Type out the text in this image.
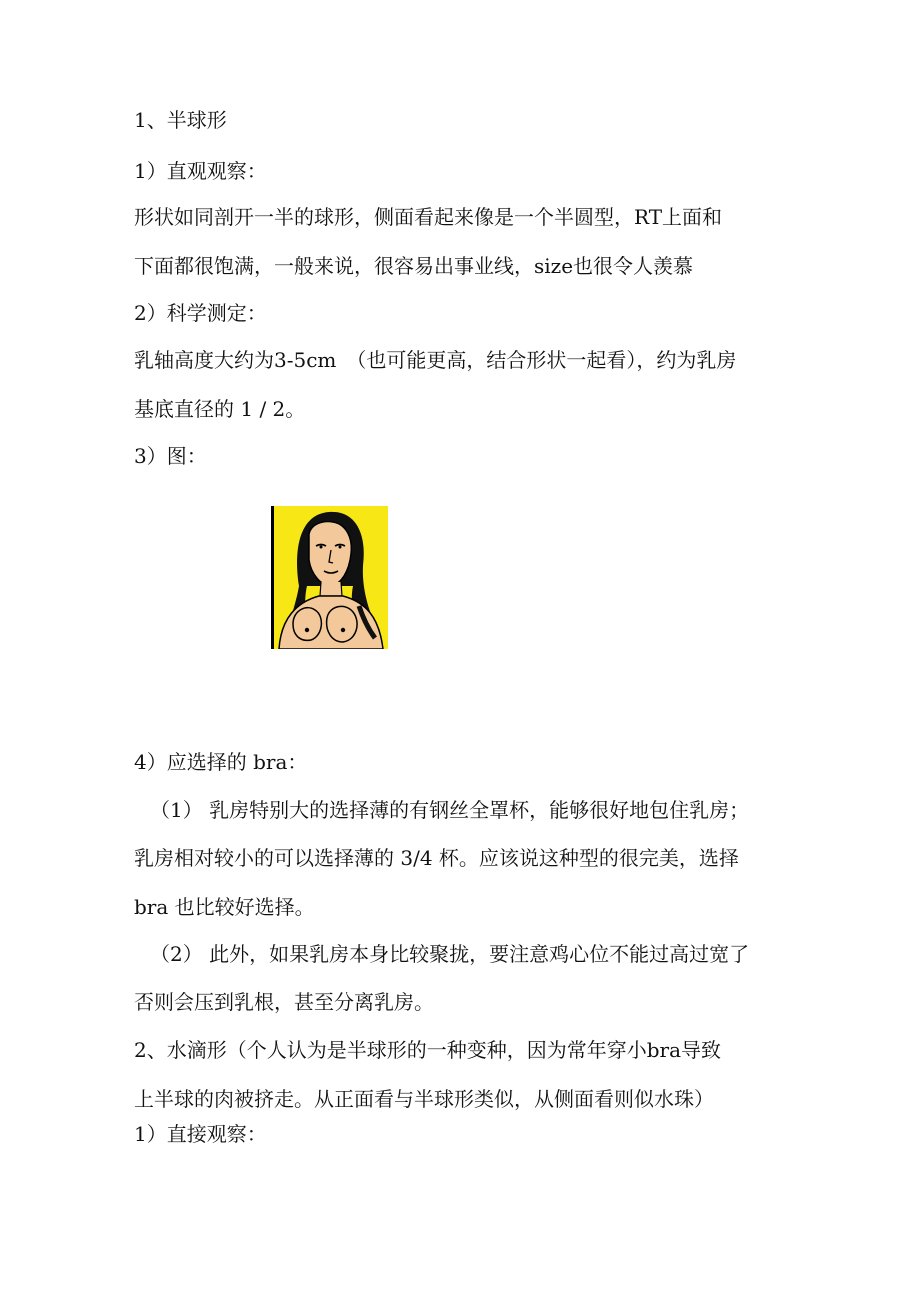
1、半球形

1）直观观察：

形状如同剖开一半的球形，侧面看起来像是一个半圆型，RT上面和

下面都很饱满，一般来说，很容易出事业线，size也很令人羡慕

2）科学测定：

乳轴高度大约为3-5cm　（也可能更高，结合形状一起看），约为乳房

基底直径的 1 / 2。

3）图：

4）应选择的 bra：

（1） 乳房特别大的选择薄的有钢丝全罩杯，能够很好地包住乳房；

乳房相对较小的可以选择薄的 3/4 杯。应该说这种型的很完美，选择

bra 也比较好选择。

（2） 此外，如果乳房本身比较聚拢，要注意鸡心位不能过高过宽了

否则会压到乳根，甚至分离乳房。

2、水滴形（个人认为是半球形的一种变种，因为常年穿小bra导致

上半球的肉被挤走。从正面看与半球形类似，从侧面看则似水珠）

1）直接观察：
